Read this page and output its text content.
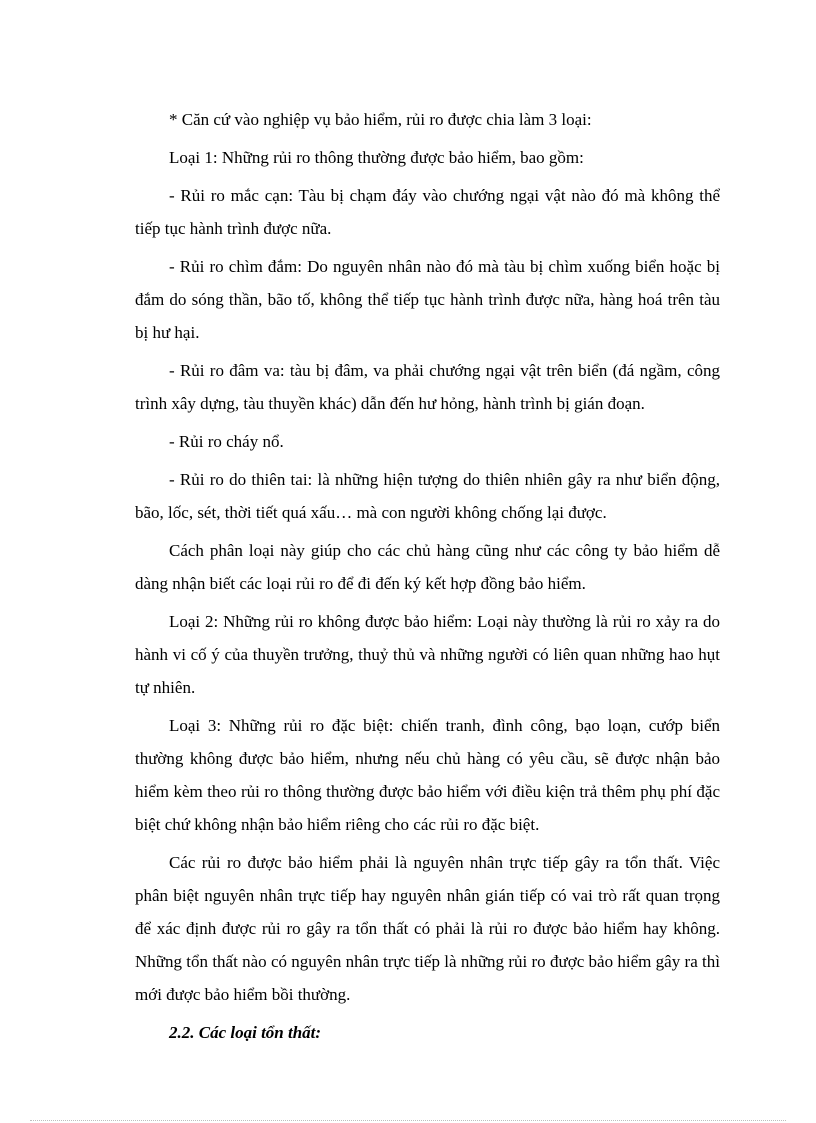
* Căn cứ vào nghiệp vụ bảo hiểm, rủi ro được chia làm 3 loại:

Loại 1: Những rủi ro thông thường được bảo hiểm, bao gồm:

- Rủi ro mắc cạn: Tàu bị chạm đáy vào chướng ngại vật nào đó mà không thể tiếp tục hành trình được nữa.

- Rủi ro chìm đắm: Do nguyên nhân nào đó mà tàu bị chìm xuống biển hoặc bị đắm do sóng thần, bão tố, không thể tiếp tục hành trình được nữa, hàng hoá trên tàu bị hư hại.

- Rủi ro đâm va: tàu bị đâm, va phải chướng ngại vật trên biển (đá ngầm, công trình xây dựng, tàu thuyền khác) dẫn đến hư hỏng, hành trình bị gián đoạn.

- Rủi ro cháy nổ.

- Rủi ro do thiên tai: là những hiện tượng do thiên nhiên gây ra như biển động, bão, lốc, sét, thời tiết quá xấu… mà con người không chống lại được.

Cách phân loại này giúp cho các chủ hàng cũng như các công ty bảo hiểm dễ dàng nhận biết các loại rủi ro để đi đến ký kết hợp đồng bảo hiểm.

Loại 2: Những rủi ro không được bảo hiểm: Loại này thường là rủi ro xảy ra do hành vi cố ý của thuyền trưởng, thuỷ thủ và những người có liên quan những hao hụt tự nhiên.

Loại 3: Những rủi ro đặc biệt: chiến tranh, đình công, bạo loạn, cướp biển thường không được bảo hiểm, nhưng nếu chủ hàng có yêu cầu, sẽ được nhận bảo hiểm kèm theo rủi ro thông thường được bảo hiểm với điều kiện trả thêm phụ phí đặc biệt chứ không nhận bảo hiểm riêng cho các rủi ro đặc biệt.

Các rủi ro được bảo hiểm phải là nguyên nhân trực tiếp gây ra tổn thất. Việc phân biệt nguyên nhân trực tiếp hay nguyên nhân gián tiếp có vai trò rất quan trọng để xác định được rủi ro gây ra tổn thất có phải là rủi ro được bảo hiểm hay không. Những tổn thất nào có nguyên nhân trực tiếp là những rủi ro được bảo hiểm gây ra thì mới được bảo hiểm bồi thường.

2.2. Các loại tổn thất:
